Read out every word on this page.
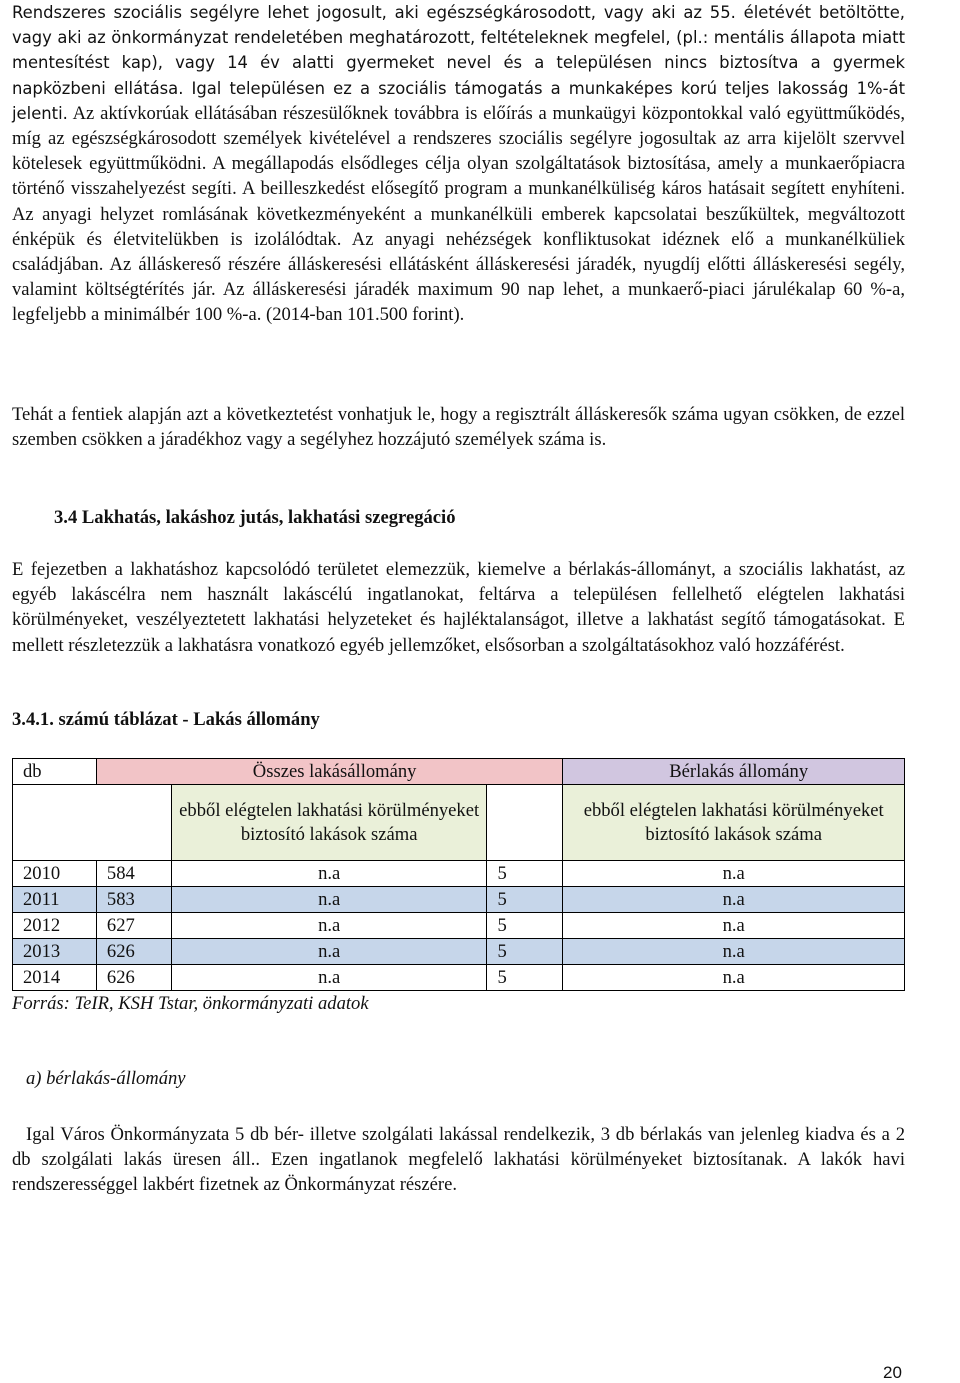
Rendszeres szociális segélyre lehet jogosult, aki egészségkárosodott, vagy aki az 55. életévét betöltötte, vagy aki az önkormányzat rendeletében meghatározott, feltételeknek megfelel, (pl.: mentális állapota miatt mentesítést kap), vagy 14 év alatti gyermeket nevel és a településen nincs biztosítva a gyermek napközbeni ellátása. Igal településen ez a szociális támogatás a munkaképes korú teljes lakosság 1%-át jelenti. Az aktívkorúak ellátásában részesülőknek továbbra is előírás a munkaügyi központokkal való együttműködés, míg az egészségkárosodott személyek kivételével a rendszeres szociális segélyre jogosultak az arra kijelölt szervvel kötelesek együttműködni. A megállapodás elsődleges célja olyan szolgáltatások biztosítása, amely a munkaerőpiacra történő visszahelyezést segíti. A beilleszkedést elősegítő program a munkanélküliség káros hatásait segített enyhíteni. Az anyagi helyzet romlásának következményeként a munkanélküli emberek kapcsolatai beszűkültek, megváltozott énképük és életvitelükben is izolálódtak. Az anyagi nehézségek konfliktusokat idéznek elő a munkanélküliek családjában. Az álláskereső részére álláskeresési ellátásként álláskeresési járadék, nyugdíj előtti álláskeresési segély, valamint költségtérítés jár. Az álláskeresési járadék maximum 90 nap lehet, a munkaerő-piaci járulékalap 60 %-a, legfeljebb a minimálbér 100 %-a. (2014-ban 101.500 forint).

Tehát a fentiek alapján azt a következtetést vonhatjuk le, hogy a regisztrált álláskeresők száma ugyan csökken, de ezzel szemben csökken a járadékhoz vagy a segélyhez hozzájutó személyek száma is.

3.4 Lakhatás, lakáshoz jutás, lakhatási szegregáció

E fejezetben a lakhatáshoz kapcsolódó területet elemezzük, kiemelve a bérlakás-állományt, a szociális lakhatást, az egyéb lakáscélra nem használt lakáscélú ingatlanokat, feltárva a településen fellelhető elégtelen lakhatási körülményeket, veszélyeztetett lakhatási helyzeteket és hajléktalanságot, illetve a lakhatást segítő támogatásokat. E mellett részletezzük a lakhatásra vonatkozó egyéb jellemzőket, elsősorban a szolgáltatásokhoz való hozzáférést.

3.4.1. számú táblázat - Lakás állomány
db	Összes lakásállomány			Bérlakás állomány
		ebből elégtelen lakhatási körülményeket biztosító lakások száma		ebből elégtelen lakhatási körülményeket biztosító lakások száma
2010	584	n.a	5	n.a
2011	583	n.a	5	n.a
2012	627	n.a	5	n.a
2013	626	n.a	5	n.a
2014	626	n.a	5	n.a
Forrás: TeIR, KSH Tstar, önkormányzati adatok
a) bérlakás-állomány

Igal Város Önkormányzata 5 db bér- illetve szolgálati lakással rendelkezik, 3 db bérlakás van jelenleg kiadva és a 2 db szolgálati lakás üresen áll.. Ezen ingatlanok megfelelő lakhatási körülményeket biztosítanak. A lakók havi rendszerességgel lakbért fizetnek az Önkormányzat részére.

20
